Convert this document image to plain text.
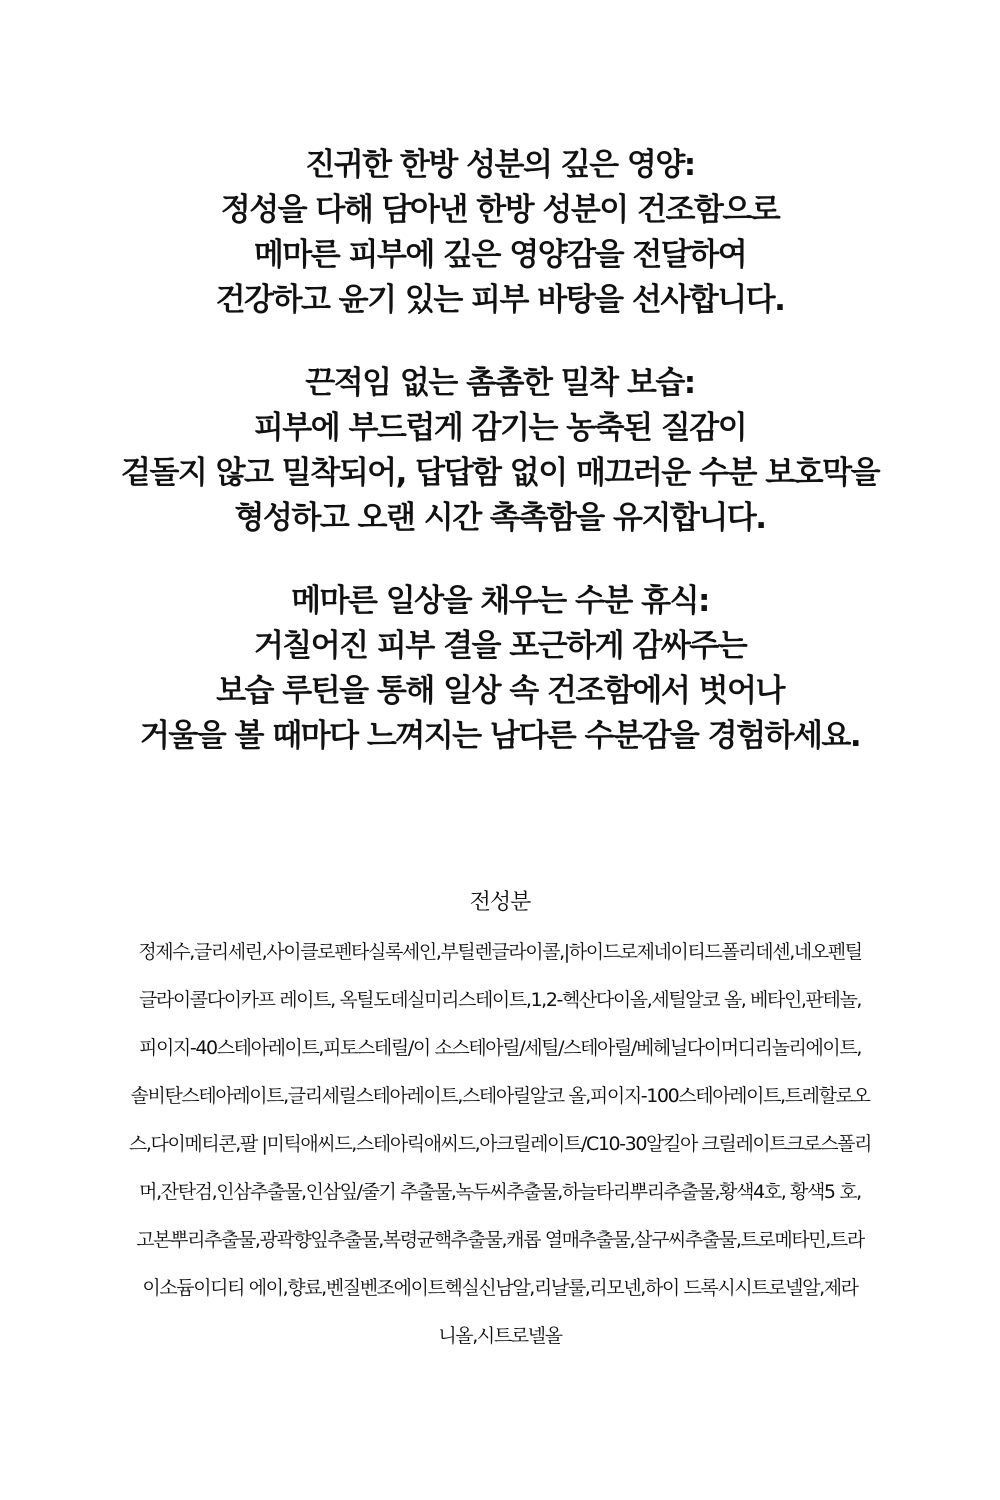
진귀한 한방 성분의 깊은 영양:
정성을 다해 담아낸 한방 성분이 건조함으로
메마른 피부에 깊은 영양감을 전달하여
건강하고 윤기 있는 피부 바탕을 선사합니다.
끈적임 없는 촘촘한 밀착 보습:
피부에 부드럽게 감기는 농축된 질감이
겉돌지 않고 밀착되어, 답답함 없이 매끄러운 수분 보호막을
형성하고 오랜 시간 촉촉함을 유지합니다.
메마른 일상을 채우는 수분 휴식:
거칠어진 피부 결을 포근하게 감싸주는
보습 루틴을 통해 일상 속 건조함에서 벗어나
거울을 볼 때마다 느껴지는 남다른 수분감을 경험하세요.
전성분
정제수,글리세린,사이클로펜타실록세인,부틸렌글라이콜,|하이드로제네이티드폴리데센,네오펜틸
글라이콜다이카프 레이트, 옥틸도데실미리스테이트,1,2-헥산다이올,세틸알코 올, 베타인,판테놀,
피이지-40스테아레이트,피토스테릴/이 소스테아릴/세틸/스테아릴/베헤닐다이머디리놀리에이트,
솔비탄스테아레이트,글리세릴스테아레이트,스테아릴알코 올,피이지-100스테아레이트,트레할로오
스,다이메티콘,팔 |미틱애씨드,스테아릭애씨드,아크릴레이트/C10-30알킬아 크릴레이트크로스폴리
머,잔탄검,인삼추출물,인삼잎/줄기 추출물,녹두씨추출물,하늘타리뿌리추출물,황색4호, 황색5 호,
고본뿌리추출물,광곽향잎추출물,복령균핵추출물,캐롭 열매추출물,살구씨추출물,트로메타민,트라
이소듐이디티 에이,향료,벤질벤조에이트헥실신남알,리날룰,리모넨,하이 드록시시트로넬알,제라
니올,시트로넬올
